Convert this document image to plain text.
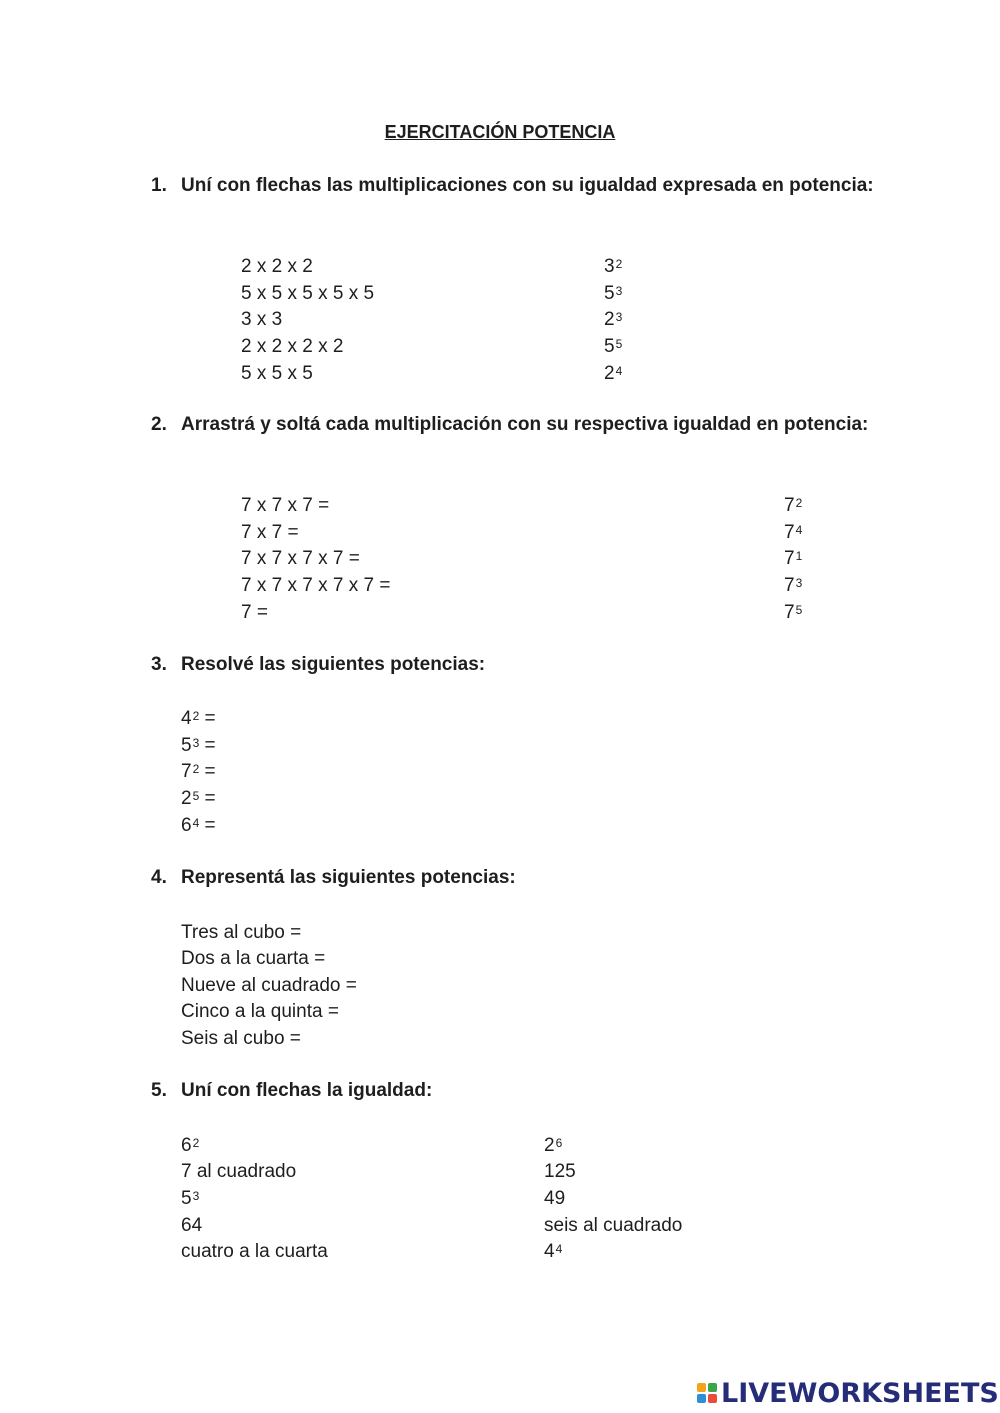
EJERCITACIÓN POTENCIA
1. Uní con flechas las multiplicaciones con su igualdad expresada en potencia:
2 x 2 x 2
5 x 5 x 5 x 5 x 5
3 x 3
2 x 2 x 2 x 2
5 x 5 x 5
$3^2$
$5^3$
$2^3$
$5^5$
$2^4$
2. Arrastrá y soltá cada multiplicación con su respectiva igualdad en potencia:
7 x 7 x 7 =
7 x 7 =
7 x 7 x 7 x 7 =
7 x 7 x 7 x 7 x 7 =
7 =
$7^2$
$7^4$
$7^1$
$7^3$
$7^5$
3. Resolvé las siguientes potencias:
$4^2$ =
$5^3$ =
$7^2$ =
$2^5$ =
$6^4$ =
4. Representá las siguientes potencias:
Tres al cubo =
Dos a la cuarta =
Nueve al cuadrado =
Cinco a la quinta =
Seis al cubo =
5. Uní con flechas la igualdad:
$6^2$
7 al cuadrado
$5^3$
64
cuatro a la cuarta
$2^6$
125
49
seis al cuadrado
$4^4$
LIVEWORKSHEETS
